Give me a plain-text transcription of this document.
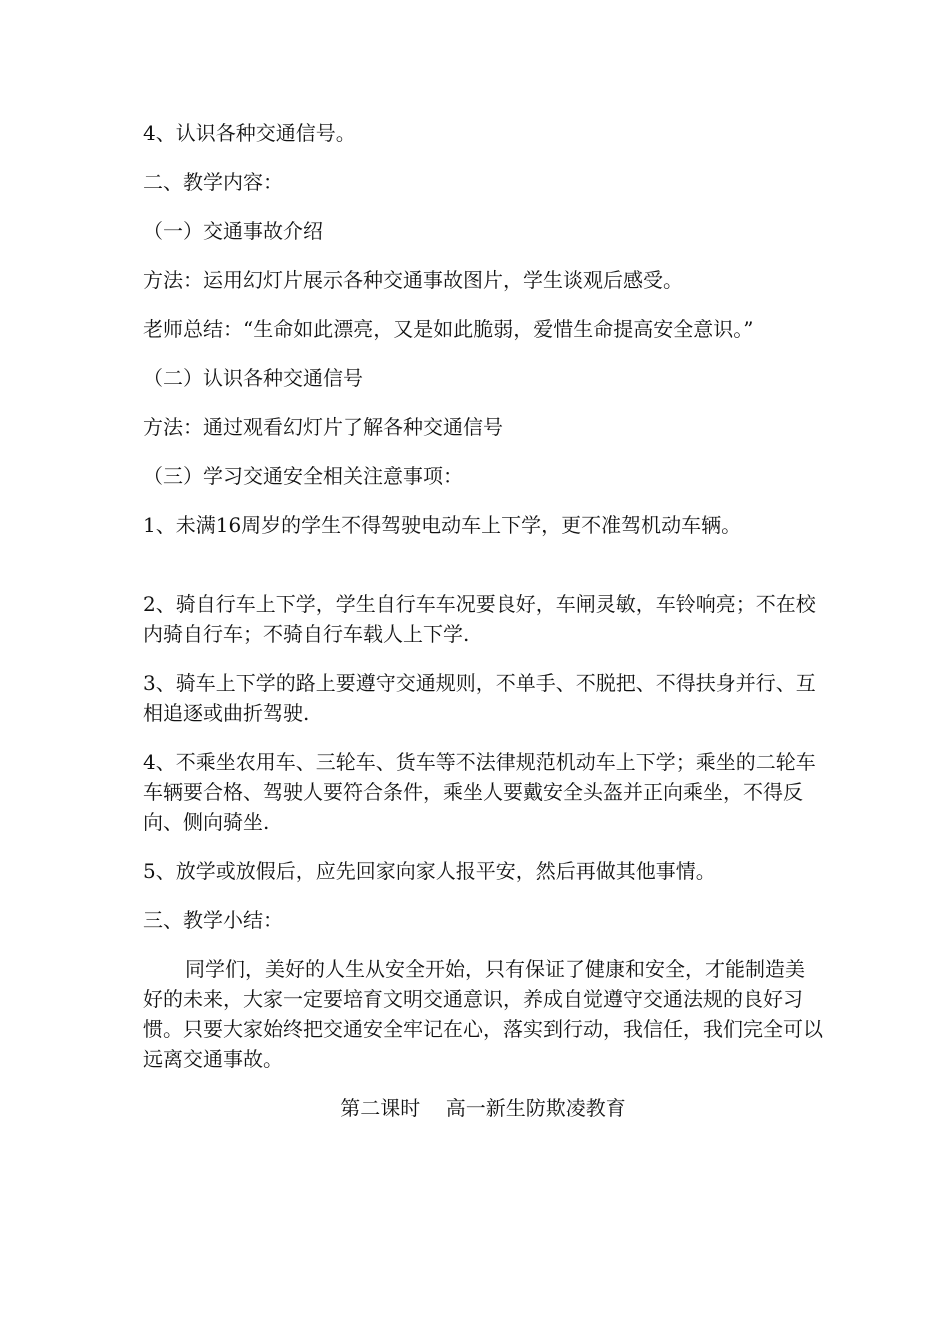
4、认识各种交通信号。

二、教学内容：

（一）交通事故介绍

方法：运用幻灯片展示各种交通事故图片，学生谈观后感受。

老师总结：“生命如此漂亮，又是如此脆弱，爱惜生命提高安全意识。”

（二）认识各种交通信号

方法：通过观看幻灯片了解各种交通信号

（三）学习交通安全相关注意事项：

1、未满16周岁的学生不得驾驶电动车上下学，更不准驾机动车辆。

2、骑自行车上下学，学生自行车车况要良好，车闸灵敏，车铃响亮；不在校内骑自行车；不骑自行车载人上下学.

3、骑车上下学的路上要遵守交通规则，不单手、不脱把、不得扶身并行、互相追逐或曲折驾驶.

4、不乘坐农用车、三轮车、货车等不法律规范机动车上下学；乘坐的二轮车车辆要合格、驾驶人要符合条件，乘坐人要戴安全头盔并正向乘坐，不得反向、侧向骑坐.

5、放学或放假后，应先回家向家人报平安，然后再做其他事情。

三、教学小结：

同学们，美好的人生从安全开始，只有保证了健康和安全，才能制造美好的未来，大家一定要培育文明交通意识，养成自觉遵守交通法规的良好习惯。只要大家始终把交通安全牢记在心，落实到行动，我信任，我们完全可以远离交通事故。

第二课时    高一新生防欺凌教育
